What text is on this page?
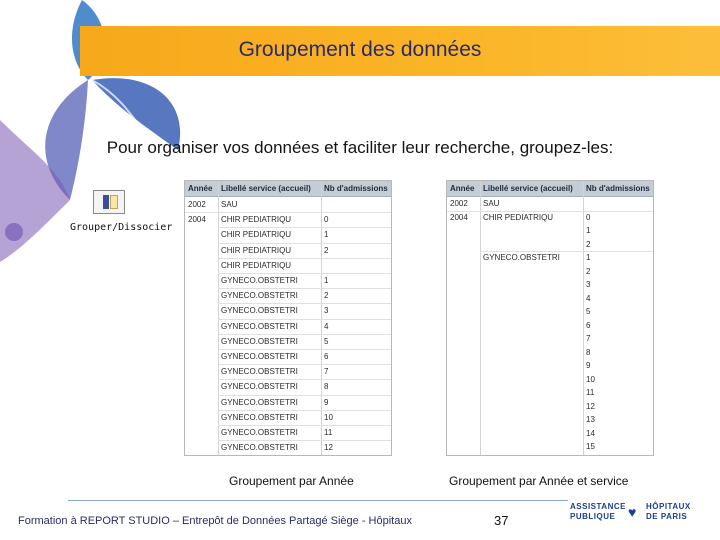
Groupement des données
Pour organiser vos données et faciliter leur recherche, groupez-les:
Grouper/Dissocier
Année	Libellé service (accueil)	Nb d'admissions
2002	SAU
2004	CHIR PEDIATRIQU	0
CHIR PEDIATRIQU	1
CHIR PEDIATRIQU	2
CHIR PEDIATRIQU
GYNECO.OBSTETRI	1
GYNECO.OBSTETRI	2
GYNECO.OBSTETRI	3
GYNECO.OBSTETRI	4
GYNECO.OBSTETRI	5
GYNECO.OBSTETRI	6
GYNECO.OBSTETRI	7
GYNECO.OBSTETRI	8
GYNECO.OBSTETRI	9
GYNECO.OBSTETRI	10
GYNECO.OBSTETRI	11
GYNECO.OBSTETRI	12
Groupement par Année
Année	Libellé service (accueil)	Nb d'admissions
2002	SAU
2004	CHIR PEDIATRIQU	0
1
2
GYNECO.OBSTETRI	1
2
3
4
5
6
7
8
9
10
11
12
13
14
15
Groupement par Année et service
Formation à REPORT STUDIO – Entrepôt de Données Partagé Siège - Hôpitaux	37
ASSISTANCE
PUBLIQUE ♥ HÔPITAUX
DE PARIS
